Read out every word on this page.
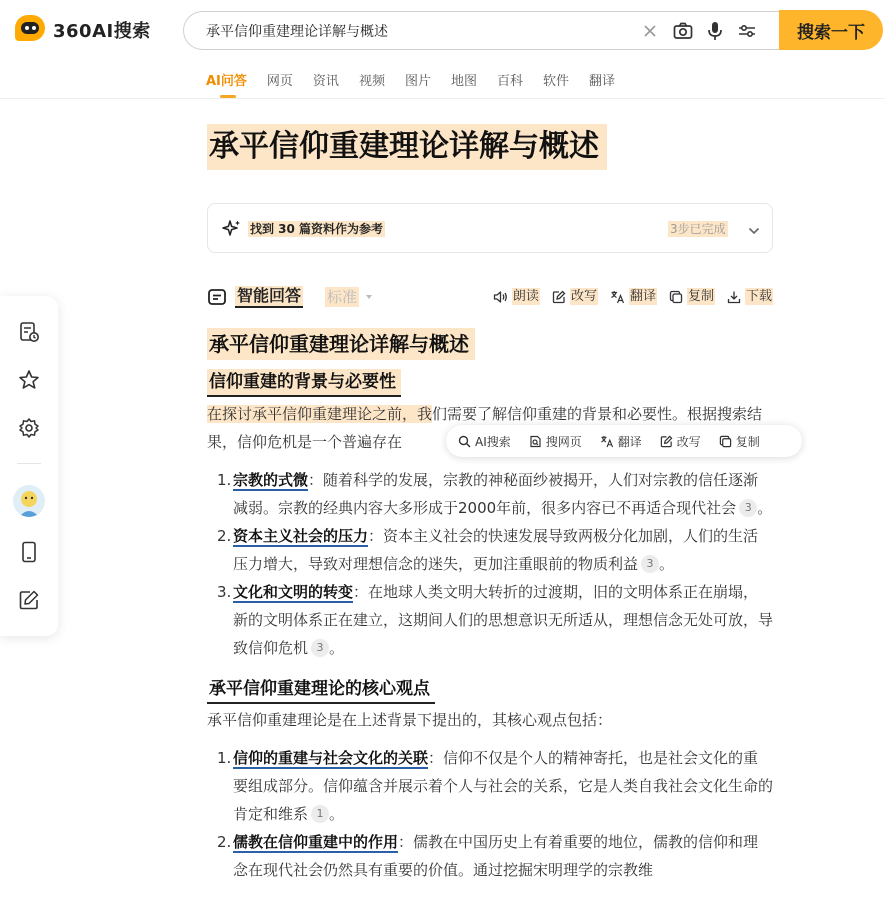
360AI搜索
承平信仰重建理论详解与概述	搜索一下
AI问答 网页 资讯 视频 图片 地图 百科 软件 翻译
承平信仰重建理论详解与概述
找到 30 篇资料作为参考	3步已完成
智能回答 标准	朗读 改写	翻译 复制 下载
承平信仰重建理论详解与概述
信仰重建的背景与必要性

在探讨承平信仰重建理论之前，我们需要了解信仰重建的背景和必要性。根据搜索结果，信仰危机是一个普遍存在

1. 宗教的式微：随着科学的发展，宗教的神秘面纱被揭开，人们对宗教的信任逐渐减弱。宗教的经典内容大多形成于2000年前，很多内容已不再适合现代社会 3 。
2. 资本主义社会的压力：资本主义社会的快速发展导致两极分化加剧，人们的生活压力增大，导致对理想信念的迷失，更加注重眼前的物质利益 3 。
3. 文化和文明的转变：在地球人类文明大转折的过渡期，旧的文明体系正在崩塌，新的文明体系正在建立，这期间人们的思想意识无所适从，理想信念无处可放，导致信仰危机 3 。
承平信仰重建理论的核心观点

承平信仰重建理论是在上述背景下提出的，其核心观点包括：

1. 信仰的重建与社会文化的关联：信仰不仅是个人的精神寄托，也是社会文化的重要组成部分。信仰蕴含并展示着个人与社会的关系，它是人类自我社会文化生命的肯定和维系 1 。
2. 儒教在信仰重建中的作用：儒教在中国历史上有着重要的地位，儒教的信仰和理念在现代社会仍然具有重要的价值。通过挖掘宋明理学的宗教维
AI搜索	搜网页	翻译	改写	复制
